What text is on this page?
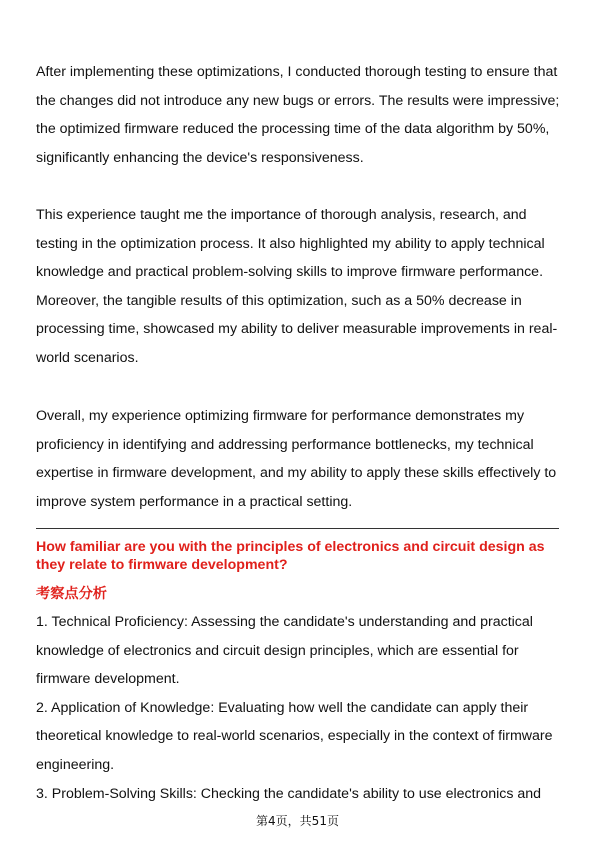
After implementing these optimizations, I conducted thorough testing to ensure that the changes did not introduce any new bugs or errors. The results were impressive; the optimized firmware reduced the processing time of the data algorithm by 50%, significantly enhancing the device's responsiveness.

This experience taught me the importance of thorough analysis, research, and testing in the optimization process. It also highlighted my ability to apply technical knowledge and practical problem-solving skills to improve firmware performance. Moreover, the tangible results of this optimization, such as a 50% decrease in processing time, showcased my ability to deliver measurable improvements in real-world scenarios.

Overall, my experience optimizing firmware for performance demonstrates my proficiency in identifying and addressing performance bottlenecks, my technical expertise in firmware development, and my ability to apply these skills effectively to improve system performance in a practical setting.

How familiar are you with the principles of electronics and circuit design as they relate to firmware development?

考察点分析
1. Technical Proficiency: Assessing the candidate's understanding and practical knowledge of electronics and circuit design principles, which are essential for firmware development.
2. Application of Knowledge: Evaluating how well the candidate can apply their theoretical knowledge to real-world scenarios, especially in the context of firmware engineering.
3. Problem-Solving Skills: Checking the candidate's ability to use electronics and
第4页，共51页
